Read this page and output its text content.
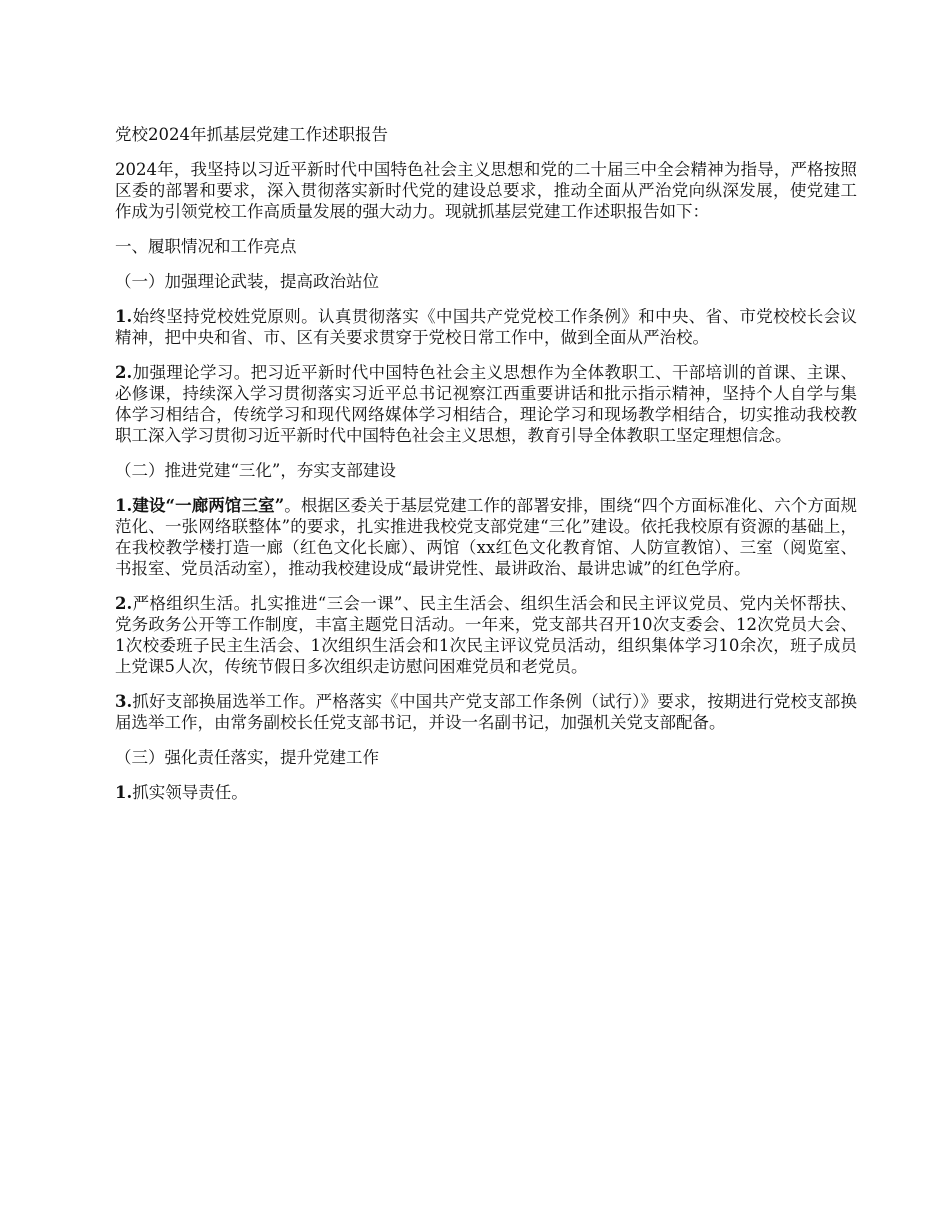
党校2024年抓基层党建工作述职报告

2024年，我坚持以习近平新时代中国特色社会主义思想和党的二十届三中全会精神为指导，严格按照区委的部署和要求，深入贯彻落实新时代党的建设总要求，推动全面从严治党向纵深发展，使党建工作成为引领党校工作高质量发展的强大动力。现就抓基层党建工作述职报告如下：

一、履职情况和工作亮点

（一）加强理论武装，提高政治站位

1.始终坚持党校姓党原则。认真贯彻落实《中国共产党党校工作条例》和中央、省、市党校校长会议精神，把中央和省、市、区有关要求贯穿于党校日常工作中，做到全面从严治校。

2.加强理论学习。把习近平新时代中国特色社会主义思想作为全体教职工、干部培训的首课、主课、必修课，持续深入学习贯彻落实习近平总书记视察江西重要讲话和批示指示精神，坚持个人自学与集体学习相结合，传统学习和现代网络媒体学习相结合，理论学习和现场教学相结合，切实推动我校教职工深入学习贯彻习近平新时代中国特色社会主义思想，教育引导全体教职工坚定理想信念。

（二）推进党建“三化”，夯实支部建设

1.建设“一廊两馆三室”。根据区委关于基层党建工作的部署安排，围绕“四个方面标准化、六个方面规范化、一张网络联整体”的要求，扎实推进我校党支部党建“三化”建设。依托我校原有资源的基础上，在我校教学楼打造一廊（红色文化长廊）、两馆（xx红色文化教育馆、人防宣教馆）、三室（阅览室、书报室、党员活动室），推动我校建设成“最讲党性、最讲政治、最讲忠诚”的红色学府。

2.严格组织生活。扎实推进“三会一课”、民主生活会、组织生活会和民主评议党员、党内关怀帮扶、党务政务公开等工作制度，丰富主题党日活动。一年来，党支部共召开10次支委会、12次党员大会、1次校委班子民主生活会、1次组织生活会和1次民主评议党员活动，组织集体学习10余次，班子成员上党课5人次，传统节假日多次组织走访慰问困难党员和老党员。

3.抓好支部换届选举工作。严格落实《中国共产党支部工作条例（试行）》要求，按期进行党校支部换届选举工作，由常务副校长任党支部书记，并设一名副书记，加强机关党支部配备。

（三）强化责任落实，提升党建工作

1.抓实领导责任。
